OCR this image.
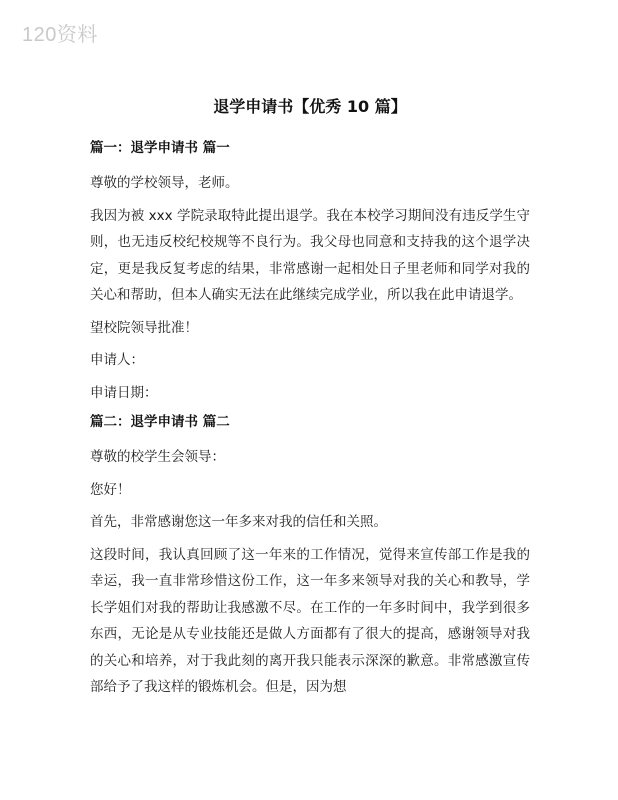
120资料
退学申请书【优秀 10 篇】
篇一：退学申请书 篇一

尊敬的学校领导，老师。

我因为被 xxx 学院录取特此提出退学。我在本校学习期间没有违反学生守则，也无违反校纪校规等不良行为。我父母也同意和支持我的这个退学决定，更是我反复考虑的结果，非常感谢一起相处日子里老师和同学对我的关心和帮助，但本人确实无法在此继续完成学业，所以我在此申请退学。

望校院领导批准！

申请人：

申请日期：

篇二：退学申请书 篇二

尊敬的校学生会领导：

您好！

首先，非常感谢您这一年多来对我的信任和关照。

这段时间，我认真回顾了这一年来的工作情况，觉得来宣传部工作是我的幸运，我一直非常珍惜这份工作，这一年多来领导对我的关心和教导，学长学姐们对我的帮助让我感激不尽。在工作的一年多时间中，我学到很多东西，无论是从专业技能还是做人方面都有了很大的提高，感谢领导对我的关心和培养，对于我此刻的离开我只能表示深深的歉意。非常感激宣传部给予了我这样的锻炼机会。但是，因为想
